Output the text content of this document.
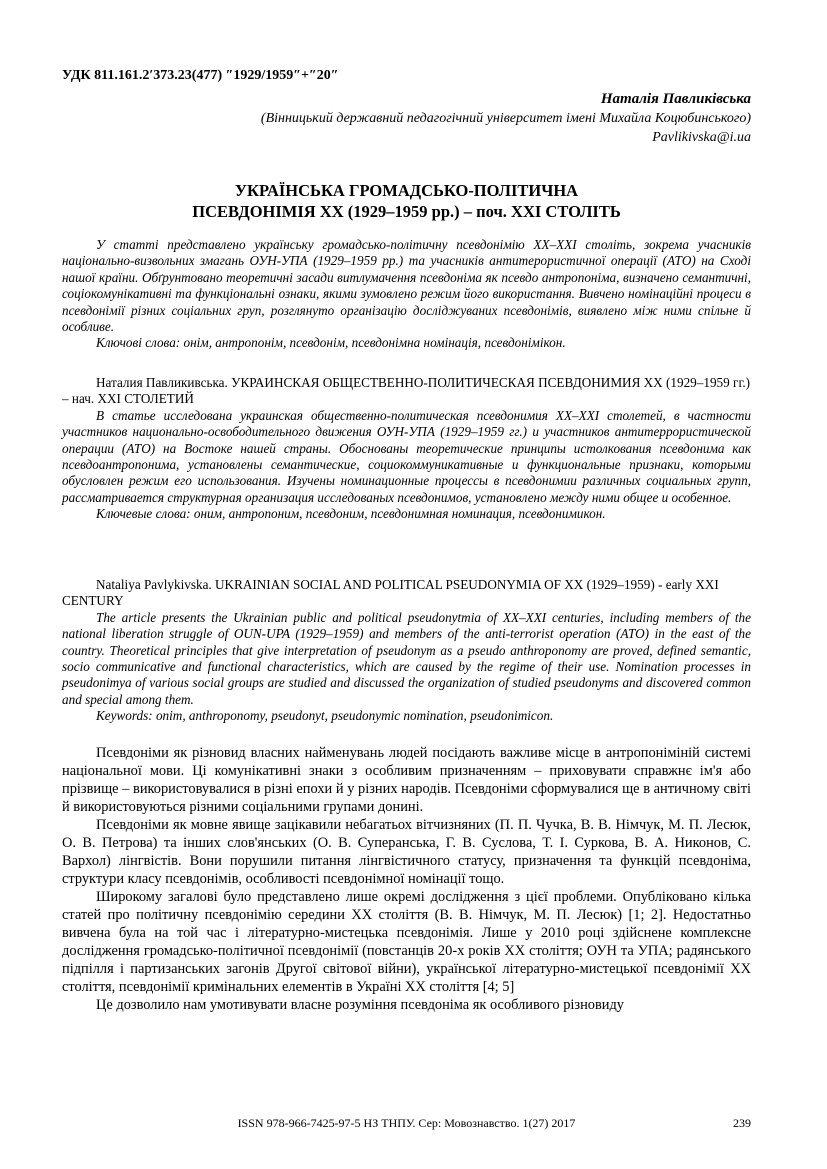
УДК 811.161.2′373.23(477) ″1929/1959″+″20″
Наталія Павликівська
(Вінницький державний педагогічний університет імені Михайла Коцюбинського)
Pavlikivska@i.ua
УКРАЇНСЬКА ГРОМАДСЬКО-ПОЛІТИЧНА
ПСЕВДОНІМІЯ ХХ (1929–1959 рр.) – поч. ХХІ СТОЛІТЬ

У статті представлено українську громадсько-політичну псевдонімію ХХ–ХХІ століть, зокрема учасників національно-визвольних змагань ОУН-УПА (1929–1959 рр.) та учасників антитерористичної операції (АТО) на Сході нашої країни. Обґрунтовано теоретичні засади витлумачення псевдоніма як псевдо антропоніма, визначено семантичні, соціокомунікативні та функціональні ознаки, якими зумовлено режим його використання. Вивчено номінаційні процеси в псевдонімії різних соціальних груп, розглянуто організацію досліджуваних псевдонімів, виявлено між ними спільне й особливе.

Ключові слова: онім, антропонім, псевдонім, псевдонімна номінація, псевдонімікон.

Наталия Павликивська. УКРАИНСКАЯ ОБЩЕСТВЕННО-ПОЛИТИЧЕСКАЯ ПСЕВДОНИМИЯ ХХ (1929–1959 гг.) – нач. ХХІ СТОЛЕТИЙ

В статье исследована украинская общественно-политическая псевдонимия ХХ–ХХІ столетей, в частности участников национально-освободительного движения ОУН-УПА (1929–1959 гг.) и участников антитеррористической операции (АТО) на Востоке нашей страны. Обоснованы теоретические принципы истолкования псевдонима как псевдоантропонима, установлены семантические, социокоммуникативные и функциональные признаки, которыми обусловлен режим его использования. Изучены номинационные процессы в псевдонимии различных социальных групп, рассматривается структурная организация исследованых псевдонимов, установлено между ними общее и особенное.

Ключевые слова: оним, антропоним, псевдоним, псевдонимная номинация, псевдонимикон.

Nataliya Pavlykivska. UKRAINIAN SOCIAL AND POLITICAL PSEUDONYMIA OF XX (1929–1959) - early XXI CENTURY

The article presents the Ukrainian public and political pseudonytmia of XX–XXI centuries, including members of the national liberation struggle of OUN-UPA (1929–1959) and members of the anti-terrorist operation (ATO) in the east of the country. Theoretical principles that give interpretation of pseudonym as a pseudo anthroponomy are proved, defined semantic, socio communicative and functional characteristics, which are caused by the regime of their use. Nomination processes in pseudonimya of various social groups are studied and discussed the organization of studied pseudonyms and discovered common and special among them.

Keywords: onim, anthroponomy, pseudonyt, pseudonymic nomination, pseudonimicon.

Псевдоніми як різновид власних найменувань людей посідають важливе місце в антропоніміній системі національної мови. Ці комунікативні знаки з особливим призначенням – приховувати справжнє ім'я або прізвище – використовувалися в різні епохи й у різних народів. Псевдоніми сформувалися ще в античному світі й використовуються різними соціальними групами донині.

Псевдоніми як мовне явище зацікавили небагатьох вітчизняних (П. П. Чучка, В. В. Німчук, М. П. Лесюк, О. В. Петрова) та інших слов'янських (О. В. Суперанська, Г. В. Суслова, Т. І. Суркова, В. А. Никонов, С. Вархол) лінгвістів. Вони порушили питання лінгвістичного статусу, призначення та функцій псевдоніма, структури класу псевдонімів, особливості псевдонімної номінації тощо.

Широкому загалові було представлено лише окремі дослідження з цієї проблеми. Опубліковано кілька статей про політичну псевдонімію середини ХХ століття (В. В. Німчук, М. П. Лесюк) [1; 2]. Недостатньо вивчена була на той час і літературно-мистецька псевдонімія. Лише у 2010 році здійснене комплексне дослідження громадсько-політичної псевдонімії (повстанців 20-х років ХХ століття; ОУН та УПА; радянського підпілля і партизанських загонів Другої світової війни), української літературно-мистецької псевдонімії ХХ століття, псевдонімії кримінальних елементів в Україні ХХ століття [4; 5]

Це дозволило нам умотивувати власне розуміння псевдоніма як особливого різновиду

ISSN 978-966-7425-97-5 НЗ ТНПУ. Сер: Мовознавство. 1(27) 2017	239
